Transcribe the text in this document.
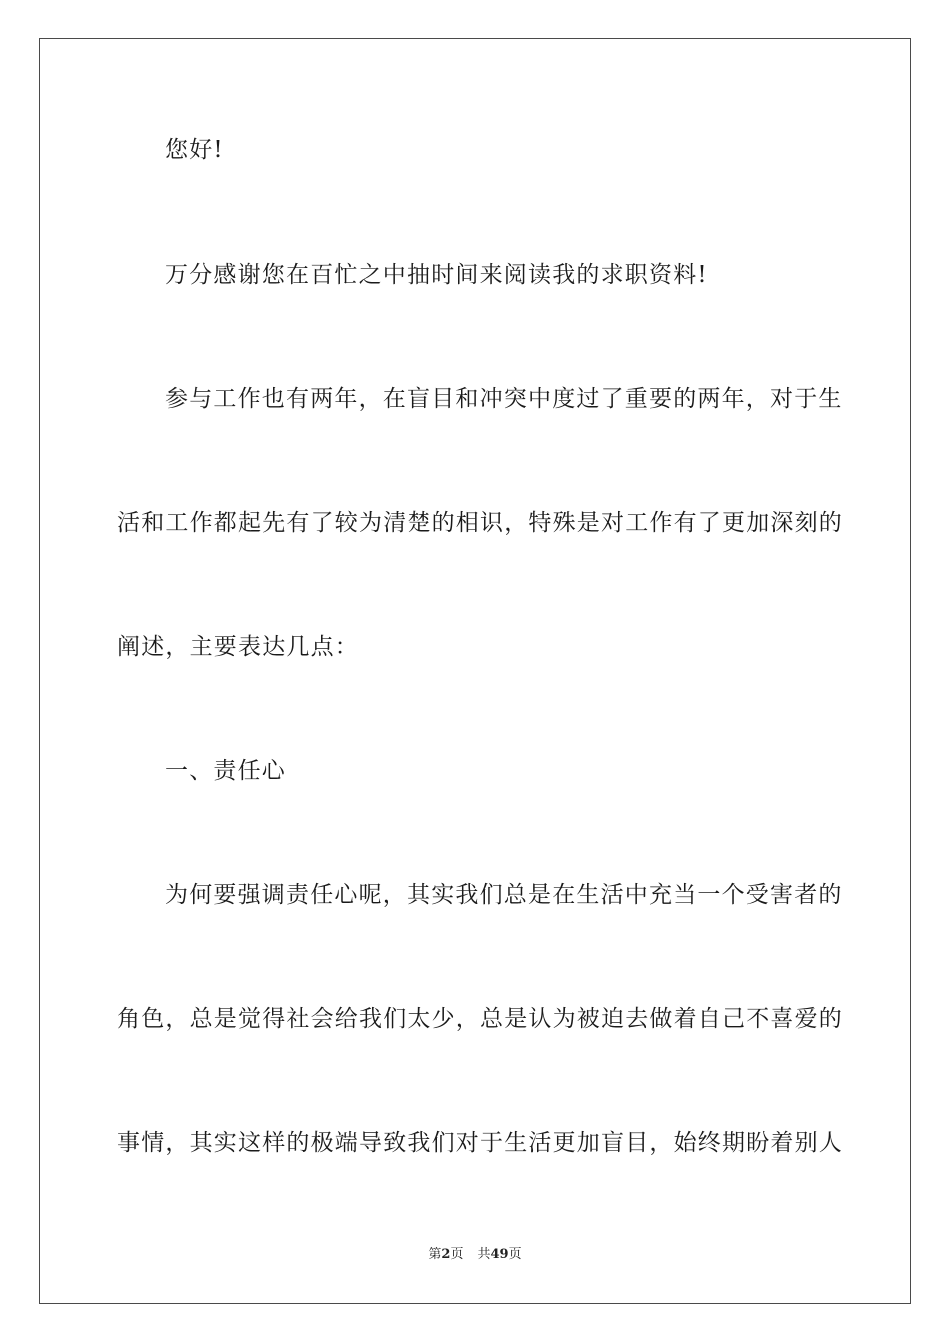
您好!
万分感谢您在百忙之中抽时间来阅读我的求职资料!
参与工作也有两年，在盲目和冲突中度过了重要的两年，对于生
活和工作都起先有了较为清楚的相识，特殊是对工作有了更加深刻的
阐述，主要表达几点：
一、责任心
为何要强调责任心呢，其实我们总是在生活中充当一个受害者的
角色，总是觉得社会给我们太少，总是认为被迫去做着自己不喜爱的
事情，其实这样的极端导致我们对于生活更加盲目，始终期盼着别人
第2页 共49页
